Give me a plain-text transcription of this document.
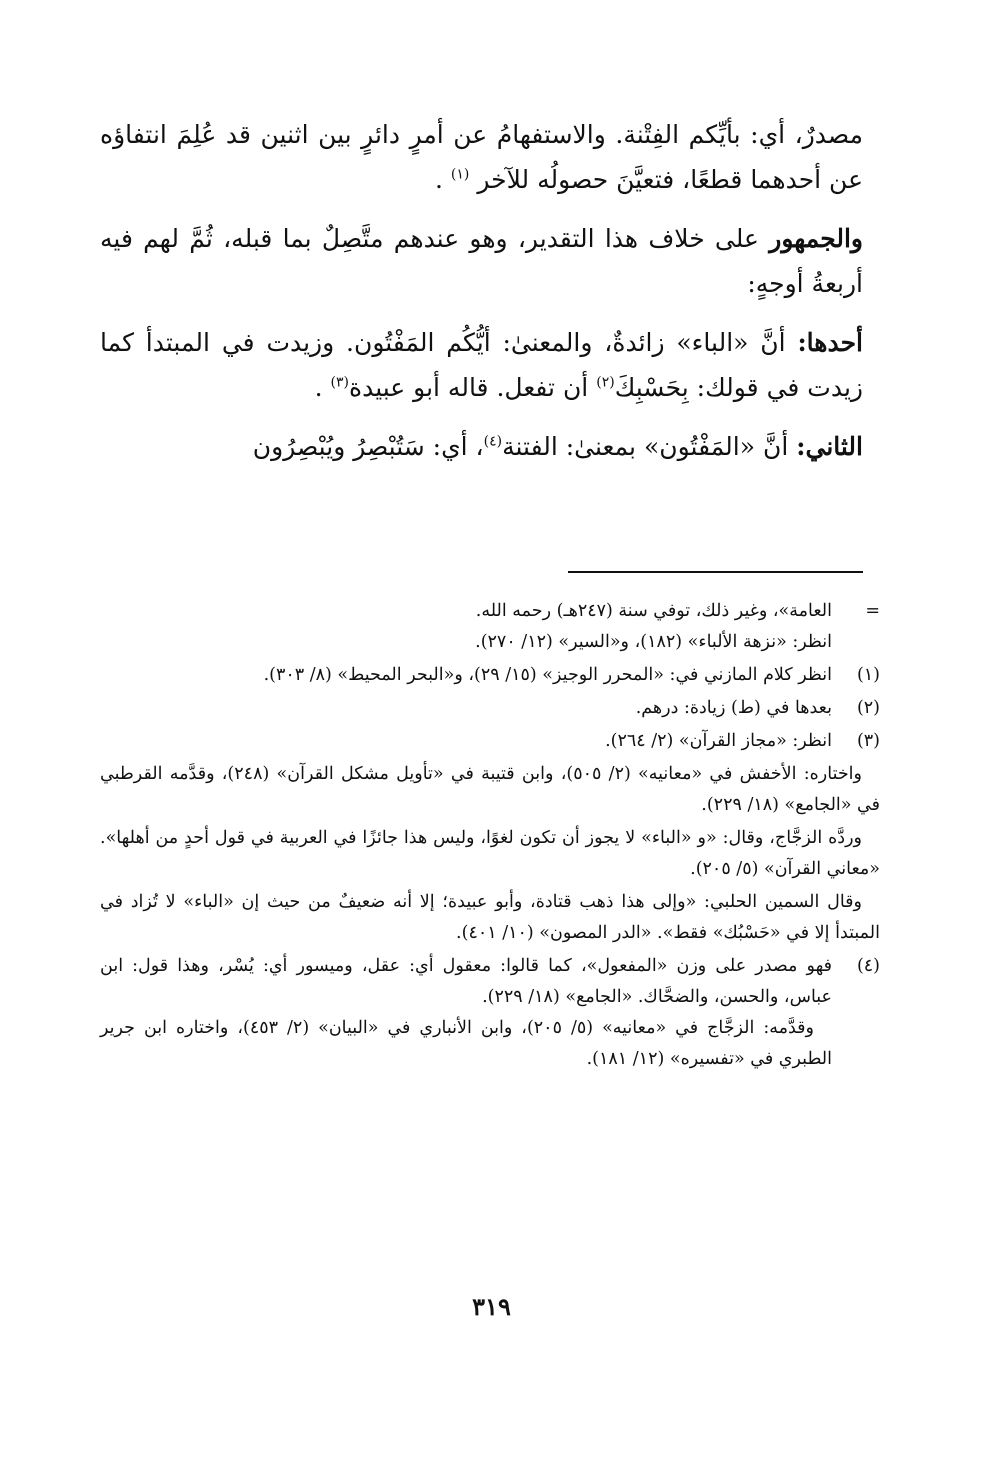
مصدرٌ، أي: بأيِّكم الفِتْنة. والاستفهامُ عن أمرٍ دائرٍ بين اثنين قد عُلِمَ انتفاؤه عن أحدهما قطعًا، فتعيَّنَ حصولُه للآخر $^{(١)}$ .

والجمهور على خلاف هذا التقدير، وهو عندهم متَّصِلٌ بما قبله، ثُمَّ لهم فيه أربعةُ أوجهٍ:

أحدها: أنَّ «الباء» زائدةٌ، والمعنىٰ: أيُّكُم المَفْتُون. وزيدت في المبتدأ كما زيدت في قولك: بِحَسْبِكَ$^{(٢)}$ أن تفعل. قاله أبو عبيدة$^{(٣)}$ .

الثاني: أنَّ «المَفْتُون» بمعنىٰ: الفتنة$^{(٤)}$، أي: سَتُبْصِرُ ويُبْصِرُون

=
العامة»، وغير ذلك، توفي سنة (٢٤٧هـ) رحمه الله.
انظر: «نزهة الألباء» (١٨٢)، و«السير» (١٢/ ٢٧٠).
(١)
انظر كلام المازني في: «المحرر الوجيز» (١٥/ ٢٩)، و«البحر المحيط» (٨/ ٣٠٣).
(٢)
بعدها في (ط) زيادة: درهم.
(٣)
انظر: «مجاز القرآن» (٢/ ٢٦٤).
واختاره: الأخفش في «معانيه» (٢/ ٥٠٥)، وابن قتيبة في «تأويل مشكل القرآن» (٢٤٨)، وقدَّمه القرطبي في «الجامع» (١٨/ ٢٢٩).
وردَّه الزجَّاج، وقال: «و «الباء» لا يجوز أن تكون لغوًا، وليس هذا جائزًا في العربية في قول أحدٍ من أهلها». «معاني القرآن» (٥/ ٢٠٥).
وقال السمين الحلبي: «وإلى هذا ذهب قتادة، وأبو عبيدة؛ إلا أنه ضعيفٌ من حيث إن «الباء» لا تُزاد في المبتدأ إلا في «حَسْبُك» فقط». «الدر المصون» (١٠/ ٤٠١).
(٤)
فهو مصدر على وزن «المفعول»، كما قالوا: معقول أي: عقل، وميسور أي: يُسْر، وهذا قول: ابن عباس، والحسن، والضحَّاك. «الجامع» (١٨/ ٢٢٩).
وقدَّمه: الزجَّاج في «معانيه» (٥/ ٢٠٥)، وابن الأنباري في «البيان» (٢/ ٤٥٣)، واختاره ابن جرير الطبري في «تفسيره» (١٢/ ١٨١).
٣١٩
